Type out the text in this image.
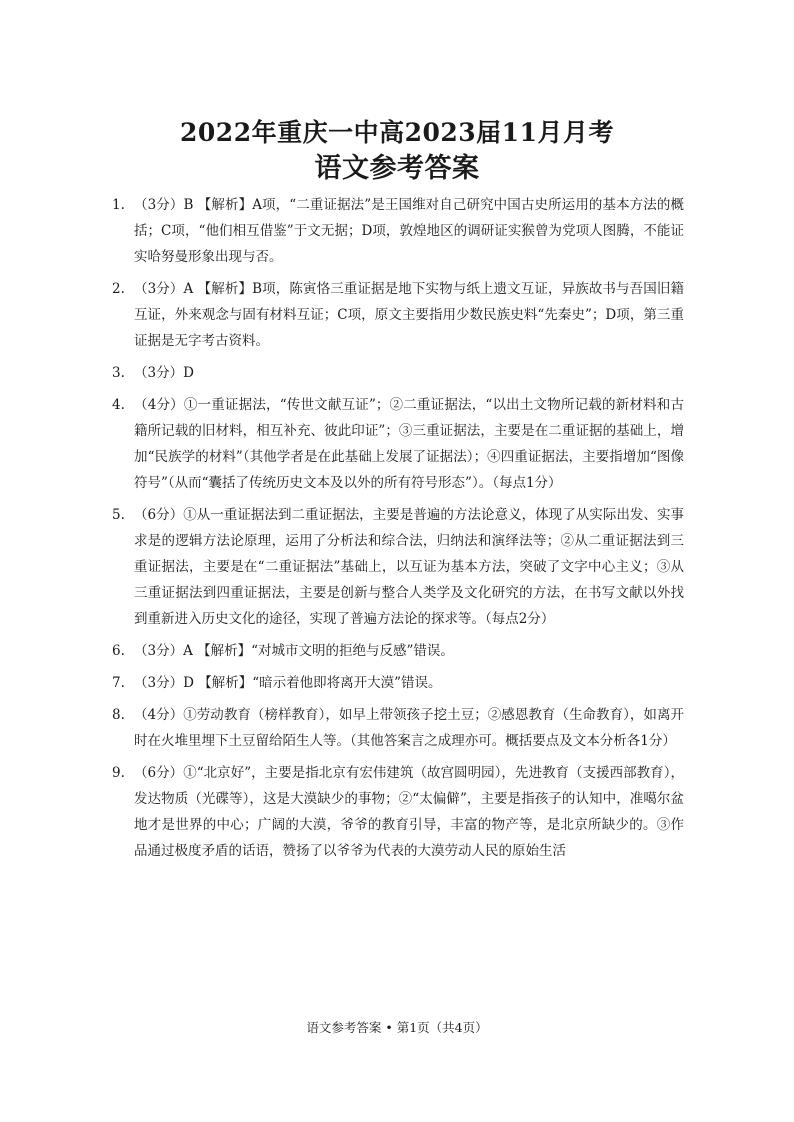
2022年重庆一中高2023届11月月考
语文参考答案
1. （3分）B 【解析】A项，“二重证据法”是王国维对自己研究中国古史所运用的基本方法的概括；C项，“他们相互借鉴”于文无据；D项，敦煌地区的调研证实猴曾为党项人图腾，不能证实哈努曼形象出现与否。
2. （3分）A 【解析】B项，陈寅恪三重证据是地下实物与纸上遗文互证，异族故书与吾国旧籍互证，外来观念与固有材料互证；C项，原文主要指用少数民族史料“先秦史”；D项，第三重证据是无字考古资料。
3. （3分）D
4. （4分）①一重证据法，“传世文献互证”；②二重证据法，“以出土文物所记载的新材料和古籍所记载的旧材料，相互补充、彼此印证”；③三重证据法，主要是在二重证据的基础上，增加“民族学的材料”（其他学者是在此基础上发展了证据法）；④四重证据法，主要指增加“图像符号”（从而“囊括了传统历史文本及以外的所有符号形态”）。（每点1分）
5. （6分）①从一重证据法到二重证据法，主要是普遍的方法论意义，体现了从实际出发、实事求是的逻辑方法论原理，运用了分析法和综合法，归纳法和演绎法等；②从二重证据法到三重证据法，主要是在“二重证据法”基础上，以互证为基本方法，突破了文字中心主义；③从三重证据法到四重证据法，主要是创新与整合人类学及文化研究的方法，在书写文献以外找到重新进入历史文化的途径，实现了普遍方法论的探求等。（每点2分）
6. （3分）A 【解析】“对城市文明的拒绝与反感”错误。
7. （3分）D 【解析】“暗示着他即将离开大漠”错误。
8. （4分）①劳动教育（榜样教育），如早上带领孩子挖土豆；②感恩教育（生命教育），如离开时在火堆里埋下土豆留给陌生人等。（其他答案言之成理亦可。概括要点及文本分析各1分）
9. （6分）①“北京好”，主要是指北京有宏伟建筑（故宫圆明园），先进教育（支援西部教育），发达物质（光碟等），这是大漠缺少的事物；②“太偏僻”，主要是指孩子的认知中，准噶尔盆地才是世界的中心；广阔的大漠，爷爷的教育引导，丰富的物产等，是北京所缺少的。③作品通过极度矛盾的话语，赞扬了以爷爷为代表的大漠劳动人民的原始生活
语文参考答案 • 第1页（共4页）
